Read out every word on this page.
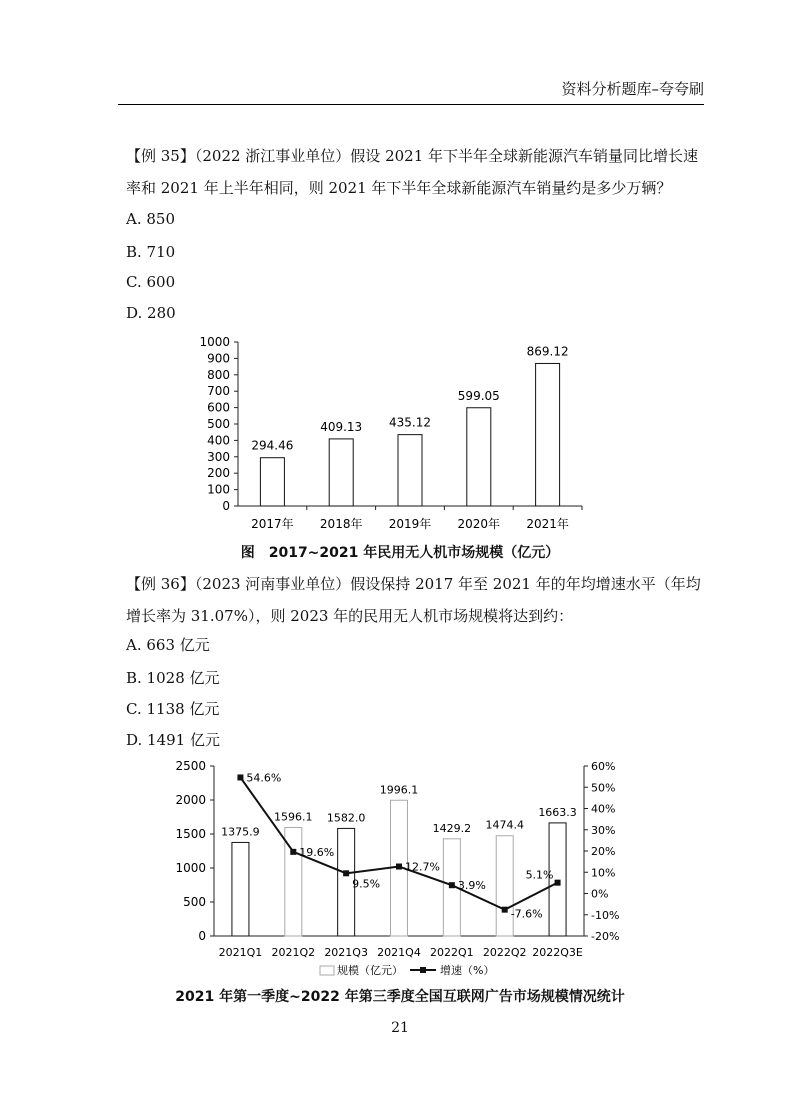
资料分析题库–夸夸刷
【例 35】（2022 浙江事业单位）假设 2021 年下半年全球新能源汽车销量同比增长速率和 2021 年上半年相同，则 2021 年下半年全球新能源汽车销量约是多少万辆？
A. 850
B. 710
C. 600
D. 280
0
100
200
300
400
500
600
700
800
900
1000
294.46
2017年
409.13
2018年
435.12
2019年
599.05
2020年
869.12
2021年
图　2017~2021 年民用无人机市场规模（亿元）
【例 36】（2023 河南事业单位）假设保持 2017 年至 2021 年的年均增速水平（年均增长率为 31.07%），则 2023 年的民用无人机市场规模将达到约：
A. 663 亿元
B. 1028 亿元
C. 1138 亿元
D. 1491 亿元
0
500
1000
1500
2000
2500
-20%
-10%
0%
10%
20%
30%
40%
50%
60%
1375.9
2021Q1
1596.1
2021Q2
1582.0
2021Q3
1996.1
2021Q4
1429.2
2022Q1
1474.4
2022Q2
1663.3
2022Q3E
54.6%
19.6%
9.5%
12.7%
3.9%
-7.6%
5.1%
规模（亿元）	增速（%）
2021 年第一季度~2022 年第三季度全国互联网广告市场规模情况统计
21
